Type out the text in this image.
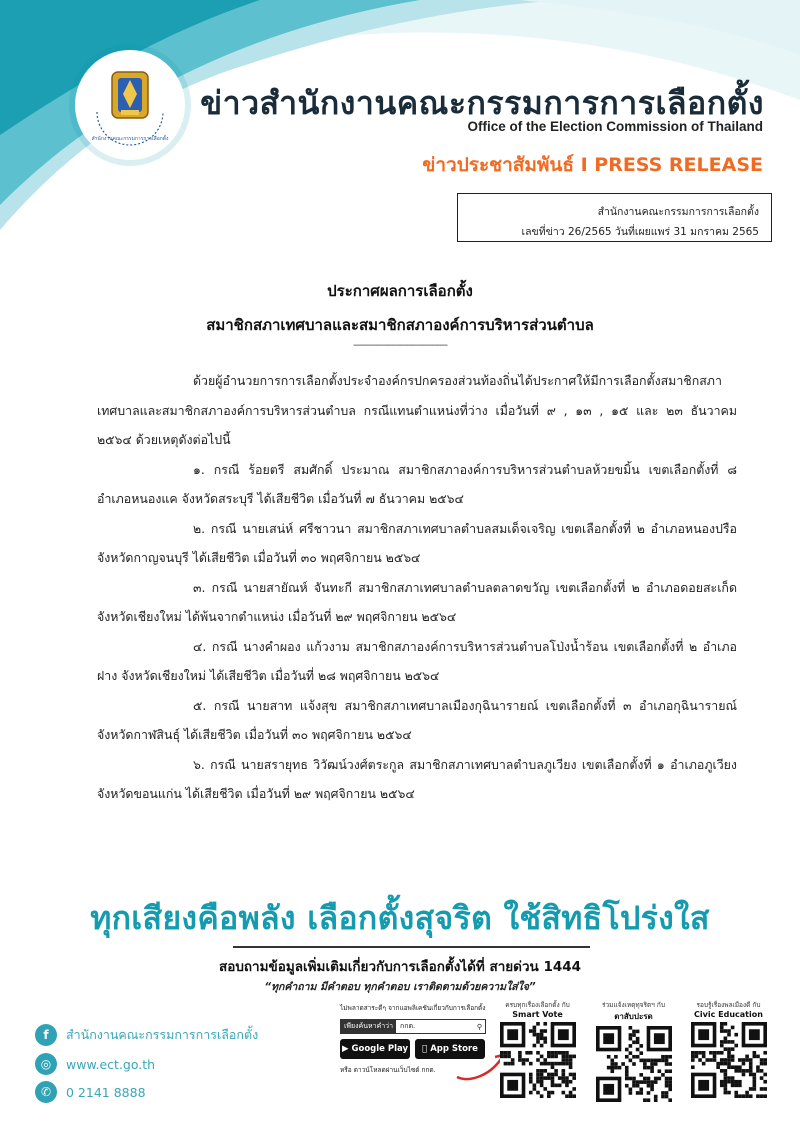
สำนักงานคณะกรรมการการเลือกตั้ง
ข่าวสำนักงานคณะกรรมการการเลือกตั้ง
Office of the Election Commission of Thailand
ข่าวประชาสัมพันธ์ I PRESS RELEASE
สำนักงานคณะกรรมการการเลือกตั้ง
เลขที่ข่าว 26/2565 วันที่เผยแพร่ 31 มกราคม 2565
ประกาศผลการเลือกตั้ง
สมาชิกสภาเทศบาลและสมาชิกสภาองค์การบริหารส่วนตำบล
------------------------------------

ด้วยผู้อำนวยการการเลือกตั้งประจำองค์กรปกครองส่วนท้องถิ่นได้ประกาศให้มีการเลือกตั้งสมาชิกสภาเทศบาลและสมาชิกสภาองค์การบริหารส่วนตำบล กรณีแทนตำแหน่งที่ว่าง เมื่อวันที่ ๙ , ๑๓ , ๑๕ และ ๒๓ ธันวาคม ๒๕๖๔ ด้วยเหตุดังต่อไปนี้

๑. กรณี ร้อยตรี สมศักดิ์ ประมาณ สมาชิกสภาองค์การบริหารส่วนตำบลห้วยขมิ้น เขตเลือกตั้งที่ ๘ อำเภอหนองแค จังหวัดสระบุรี ได้เสียชีวิต เมื่อวันที่ ๗ ธันวาคม ๒๕๖๔

๒. กรณี นายเสน่ห์ ศรีชาวนา สมาชิกสภาเทศบาลตำบลสมเด็จเจริญ เขตเลือกตั้งที่ ๒ อำเภอหนองปรือ จังหวัดกาญจนบุรี ได้เสียชีวิต เมื่อวันที่ ๓๐ พฤศจิกายน ๒๕๖๔

๓. กรณี นายสายัณห์ จันทะกี สมาชิกสภาเทศบาลตำบลตลาดขวัญ เขตเลือกตั้งที่ ๒ อำเภอดอยสะเก็ด จังหวัดเชียงใหม่ ได้พ้นจากตำแหน่ง เมื่อวันที่ ๒๙ พฤศจิกายน ๒๕๖๔

๔. กรณี นางคำผอง แก้วงาม สมาชิกสภาองค์การบริหารส่วนตำบลโป่งน้ำร้อน เขตเลือกตั้งที่ ๒ อำเภอฝาง จังหวัดเชียงใหม่ ได้เสียชีวิต เมื่อวันที่ ๒๘ พฤศจิกายน ๒๕๖๔

๕. กรณี นายสาท แจ้งสุข สมาชิกสภาเทศบาลเมืองกุฉินารายณ์ เขตเลือกตั้งที่ ๓ อำเภอกุฉินารายณ์ จังหวัดกาฬสินธุ์ ได้เสียชีวิต เมื่อวันที่ ๓๐ พฤศจิกายน ๒๕๖๔

๖. กรณี นายสรายุทธ วิวัฒน์วงศ์ตระกูล สมาชิกสภาเทศบาลตำบลภูเวียง เขตเลือกตั้งที่ ๑ อำเภอภูเวียง จังหวัดขอนแก่น ได้เสียชีวิต เมื่อวันที่ ๒๙ พฤศจิกายน ๒๕๖๔

ทุกเสียงคือพลัง เลือกตั้งสุจริต ใช้สิทธิโปร่งใส
สอบถามข้อมูลเพิ่มเติมเกี่ยวกับการเลือกตั้งได้ที่ สายด่วน 1444
“ทุกคำถาม มีคำตอบ ทุกคำตอบ เราติดตามด้วยความใส่ใจ”
f	สำนักงานคณะกรรมการการเลือกตั้ง
◎	www.ect.go.th
✆	0 2141 8888
ไม่พลาดสาระดีๆ จากแอพลิเคชันเกี่ยวกับการเลือกตั้ง
เพียงค้นหาคำว่า	กกต.	⚲
▶ Google Play App Store
หรือ ดาวน์โหลดผ่านเว็บไซต์ กกต.
ครบทุกเรื่องเลือกตั้ง กับ
Smart Vote
ร่วมแจ้งเหตุทุจริตฯ กับ
ตาสับปะรด
รอบรู้เรื่องพลเมืองดี กับ
Civic Education
